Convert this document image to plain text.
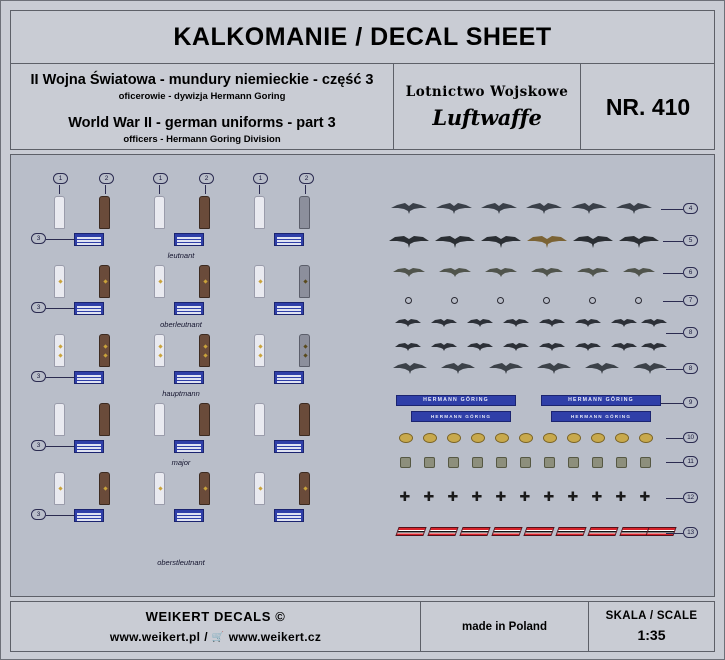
KALKOMANIE / DECAL SHEET
II Wojna Światowa - mundury niemieckie - część 3
oficerowie - dywizja Hermann Goring
World War II - german uniforms - part 3
officers - Hermann Goring Division
Lotnictwo Wojskowe
Luftwaffe	NR. 410
1	2	1	2	1	2
3
leutnant
3
oberleutnant
3
hauptmann
3
major
3
oberstleutnant
4
5
6
7
8
8
HERMANN GÖRING	HERMANN GÖRING
HERMANN GÖRING	HERMANN GÖRING
9
10
11
✚ ✚ ✚ ✚ ✚ ✚ ✚ ✚ ✚ ✚ ✚	12
13
WEIKERT DECALS ©
www.weikert.pl / 🛒 www.weikert.cz
made in Poland
SKALA / SCALE
1:35
